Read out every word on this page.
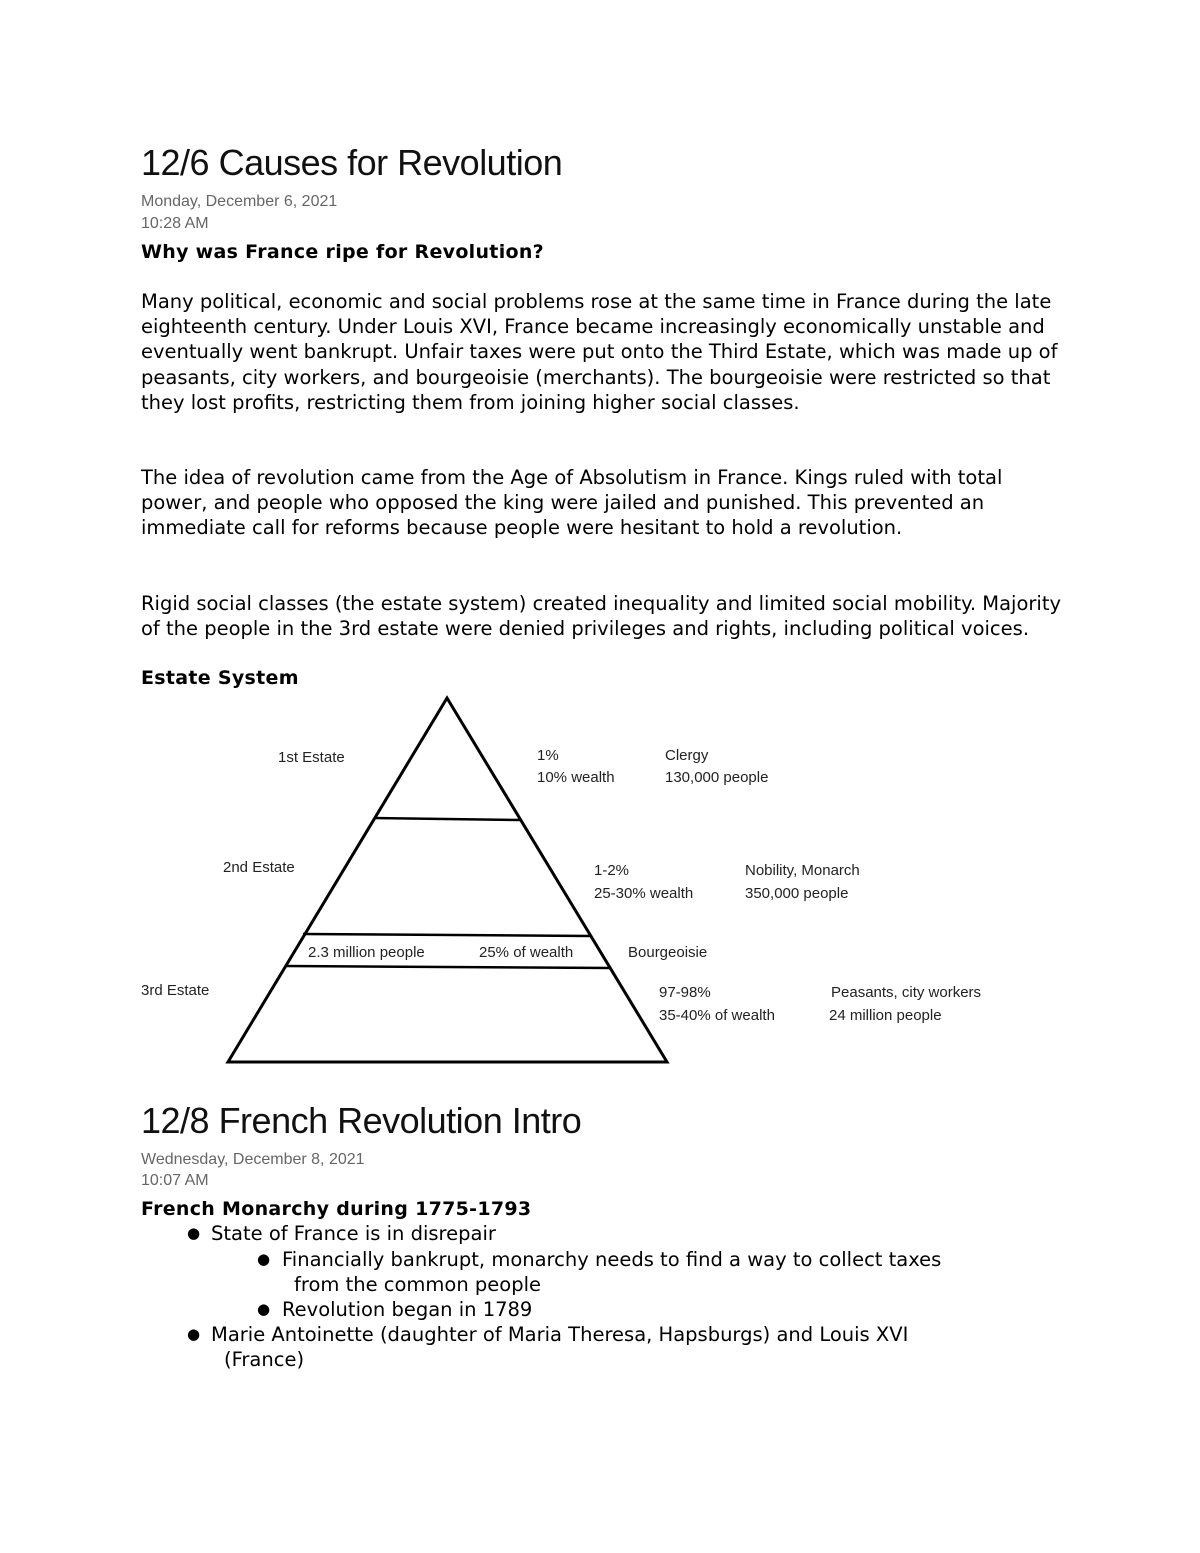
12/6 Causes for Revolution
Monday, December 6, 2021
10:28 AM
Why was France ripe for Revolution?

Many political, economic and social problems rose at the same time in France during the late eighteenth century. Under Louis XVI, France became increasingly economically unstable and eventually went bankrupt. Unfair taxes were put onto the Third Estate, which was made up of peasants, city workers, and bourgeoisie (merchants). The bourgeoisie were restricted so that they lost profits, restricting them from joining higher social classes.

The idea of revolution came from the Age of Absolutism in France. Kings ruled with total power, and people who opposed the king were jailed and punished. This prevented an immediate call for reforms because people were hesitant to hold a revolution.

Rigid social classes (the estate system) created inequality and limited social mobility. Majority of the people in the 3rd estate were denied privileges and rights, including political voices.

Estate System
1st Estate	1%
10% wealth
Clergy
130,000 people
2nd Estate	1-2%
25-30% wealth
Nobility, Monarch
350,000 people
2.3 million people	25% of wealth	Bourgeoisie
3rd Estate	97-98%
35-40% of wealth
Peasants, city workers
24 million people
12/8 French Revolution Intro
Wednesday, December 8, 2021
10:07 AM
French Monarchy during 1775-1793
● State of France is in disrepair
● Financially bankrupt, monarchy needs to find a way to collect taxes
from the common people
● Revolution began in 1789
● Marie Antoinette (daughter of Maria Theresa, Hapsburgs) and Louis XVI
(France)
